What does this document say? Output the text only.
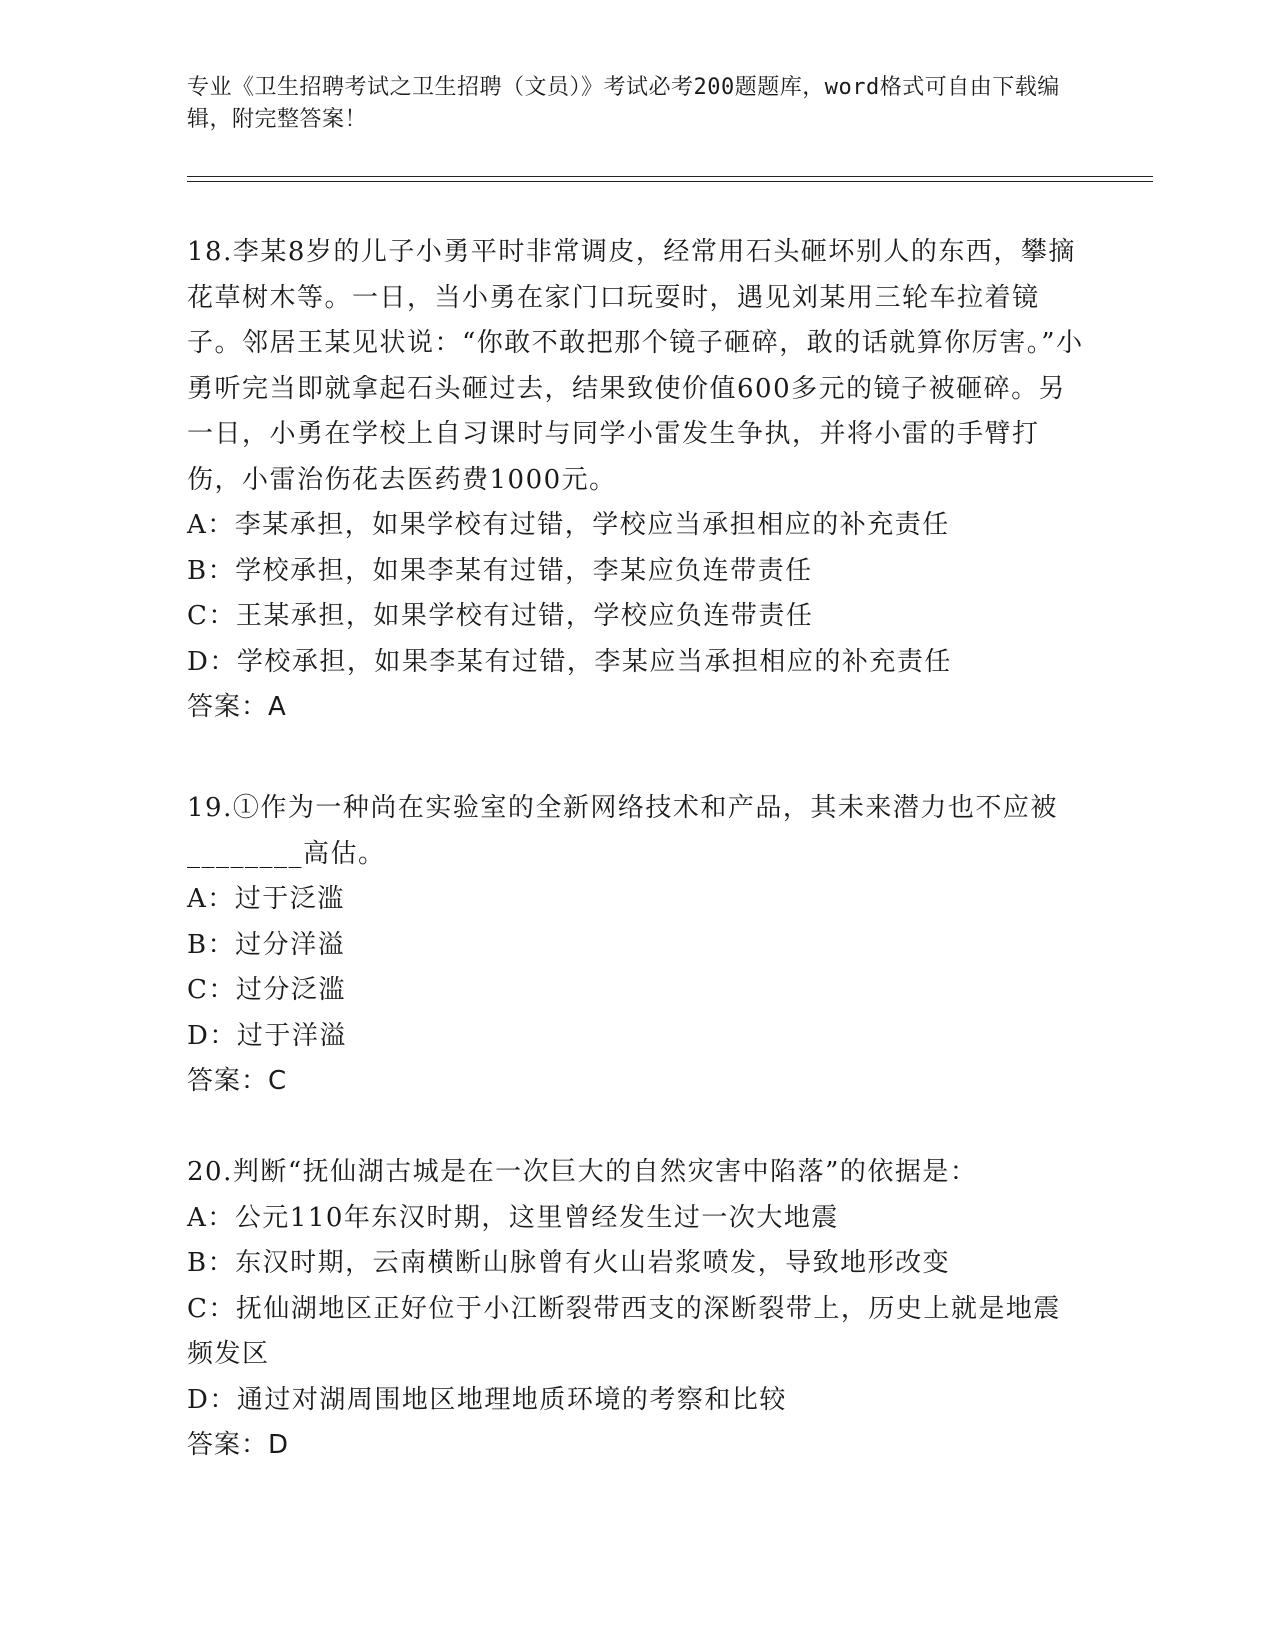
专业《卫生招聘考试之卫生招聘（文员）》考试必考200题题库，word格式可自由下载编辑，附完整答案！

18.李某8岁的儿子小勇平时非常调皮，经常用石头砸坏别人的东西，攀摘花草树木等。一日，当小勇在家门口玩耍时，遇见刘某用三轮车拉着镜子。邻居王某见状说：“你敢不敢把那个镜子砸碎，敢的话就算你厉害。”小勇听完当即就拿起石头砸过去，结果致使价值600多元的镜子被砸碎。另一日，小勇在学校上自习课时与同学小雷发生争执，并将小雷的手臂打伤，小雷治伤花去医药费1000元。

A：李某承担，如果学校有过错，学校应当承担相应的补充责任

B：学校承担，如果李某有过错，李某应负连带责任

C：王某承担，如果学校有过错，学校应负连带责任

D：学校承担，如果李某有过错，李某应当承担相应的补充责任

答案：A

19.①作为一种尚在实验室的全新网络技术和产品，其未来潜力也不应被________高估。

A：过于泛滥

B：过分洋溢

C：过分泛滥

D：过于洋溢

答案：C

20.判断“抚仙湖古城是在一次巨大的自然灾害中陷落”的依据是：

A：公元110年东汉时期，这里曾经发生过一次大地震

B：东汉时期，云南横断山脉曾有火山岩浆喷发，导致地形改变

C：抚仙湖地区正好位于小江断裂带西支的深断裂带上，历史上就是地震频发区

D：通过对湖周围地区地理地质环境的考察和比较

答案：D
